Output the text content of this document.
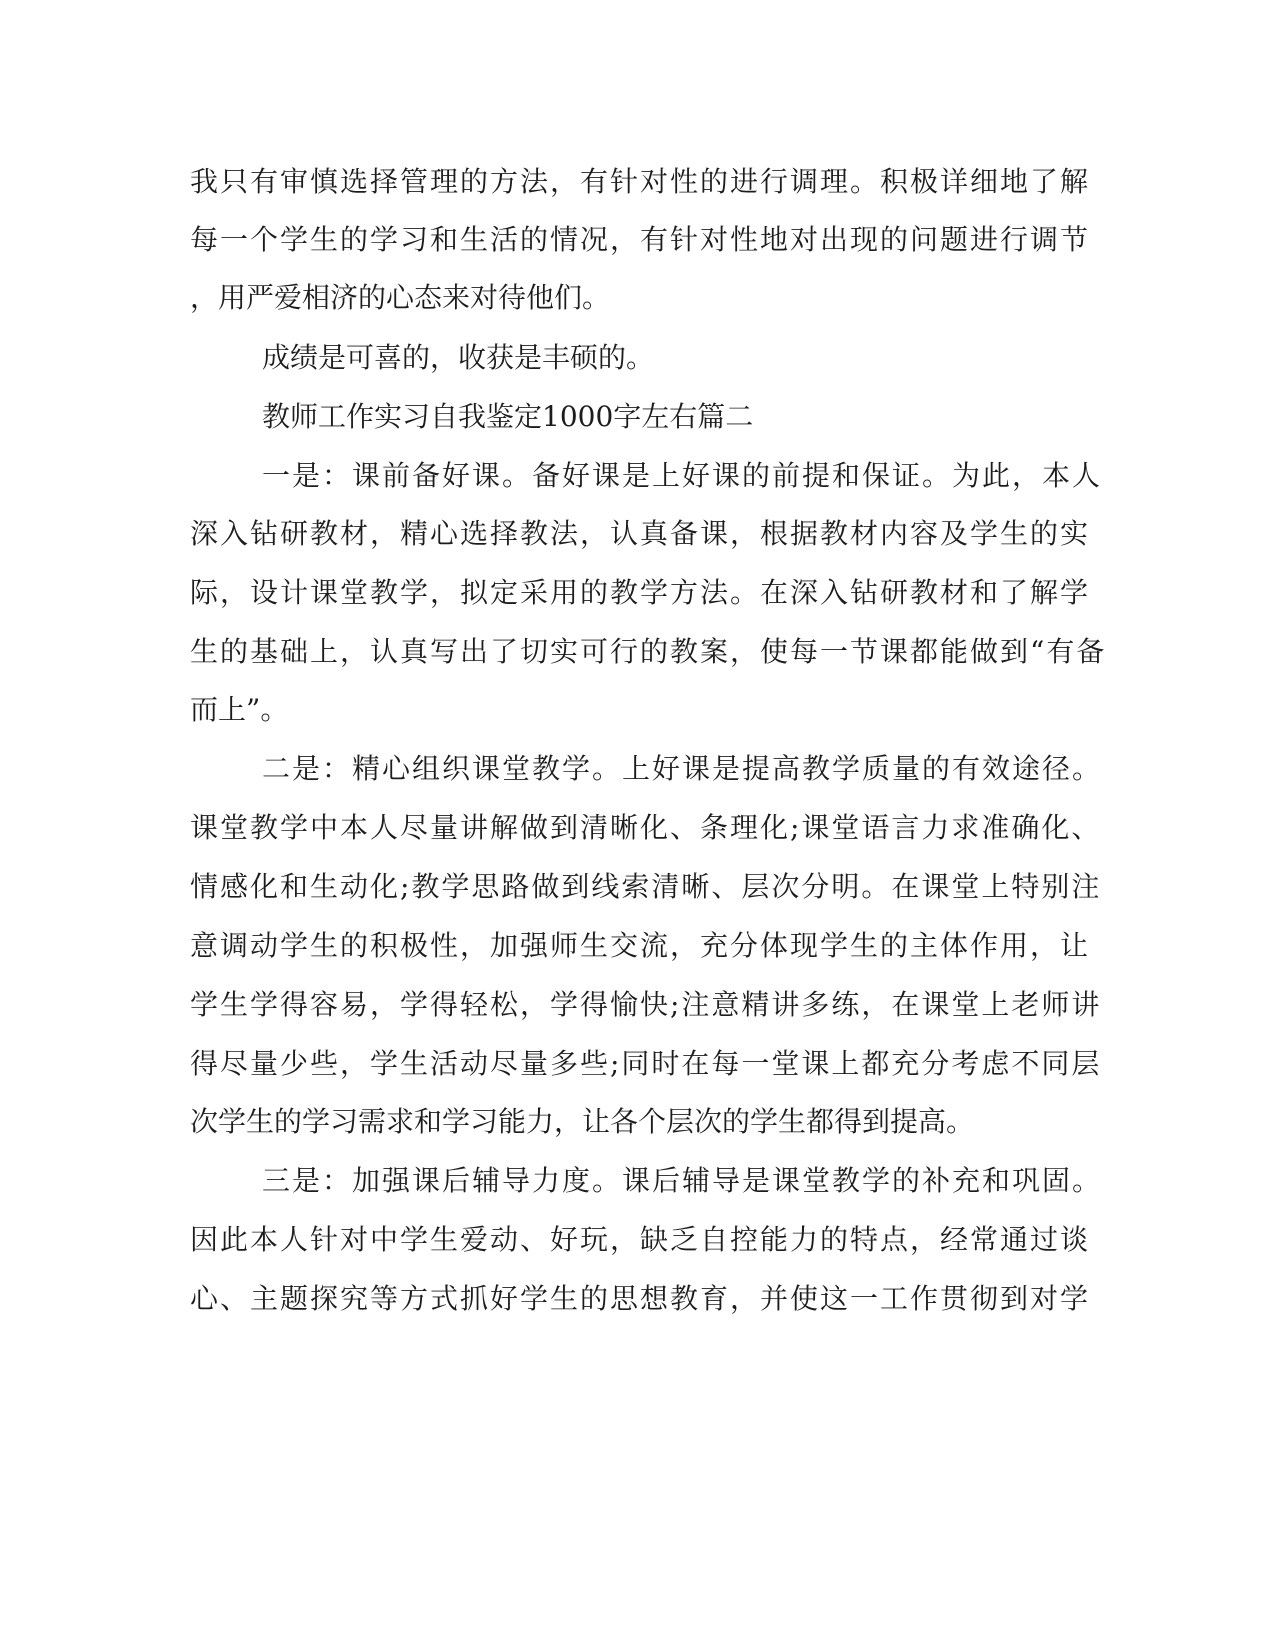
我只有审慎选择管理的方法，有针对性的进行调理。积极详细地了解
每一个学生的学习和生活的情况，有针对性地对出现的问题进行调节
，用严爱相济的心态来对待他们。
成绩是可喜的，收获是丰硕的。
教师工作实习自我鉴定1000字左右篇二
一是：课前备好课。备好课是上好课的前提和保证。为此，本人
深入钻研教材，精心选择教法，认真备课，根据教材内容及学生的实
际，设计课堂教学，拟定采用的教学方法。在深入钻研教材和了解学
生的基础上，认真写出了切实可行的教案，使每一节课都能做到“有备
而上”。
二是：精心组织课堂教学。上好课是提高教学质量的有效途径。
课堂教学中本人尽量讲解做到清晰化、条理化;课堂语言力求准确化、
情感化和生动化;教学思路做到线索清晰、层次分明。在课堂上特别注
意调动学生的积极性，加强师生交流，充分体现学生的主体作用，让
学生学得容易，学得轻松，学得愉快;注意精讲多练，在课堂上老师讲
得尽量少些，学生活动尽量多些;同时在每一堂课上都充分考虑不同层
次学生的学习需求和学习能力，让各个层次的学生都得到提高。
三是：加强课后辅导力度。课后辅导是课堂教学的补充和巩固。
因此本人针对中学生爱动、好玩，缺乏自控能力的特点，经常通过谈
心、主题探究等方式抓好学生的思想教育，并使这一工作贯彻到对学
